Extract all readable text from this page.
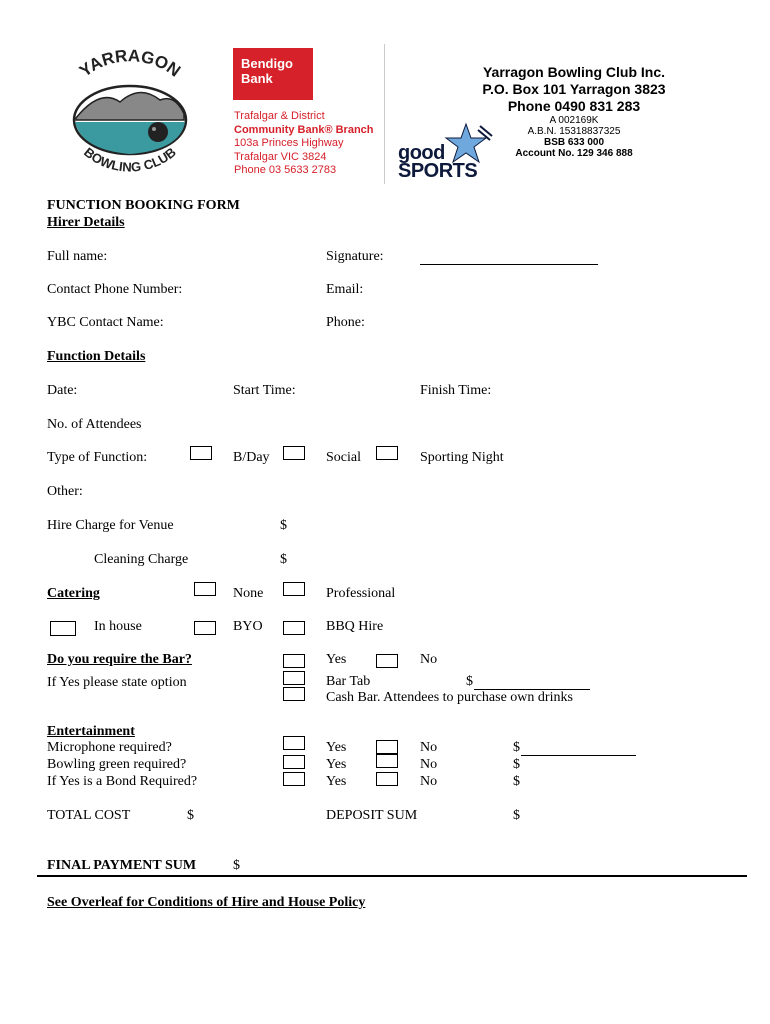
YARRAGON
BOWLING CLUB
Bendigo
Bank
Trafalgar & District
Community Bank® Branch
103a Princes Highway
Trafalgar VIC 3824
Phone 03 5633 2783
good
SPORTS
Yarragon Bowling Club Inc.
P.O. Box 101 Yarragon 3823
Phone 0490 831 283
A 002169K
A.B.N. 15318837325
BSB 633 000
Account No. 129 346 888
FUNCTION BOOKING FORM
Hirer Details
Full name:	Signature:
Contact Phone Number:	Email:
YBC Contact Name:	Phone:
Function Details
Date:	Start Time:	Finish Time:
No. of Attendees
Type of Function:	B/Day	Social	Sporting Night
Other:
Hire Charge for Venue	$
Cleaning Charge	$
Catering	None	Professional
In house	BYO	BBQ Hire
Do you require the Bar?	Yes	No
If Yes please state option	Bar Tab	$
Cash Bar. Attendees to purchase own drinks
Entertainment
Microphone required?	Yes	No	$
Bowling green required?	Yes	No	$
If Yes is a Bond Required?	Yes	No	$
TOTAL COST	$	DEPOSIT SUM	$
FINAL PAYMENT SUM	$
See Overleaf for Conditions of Hire and House Policy
